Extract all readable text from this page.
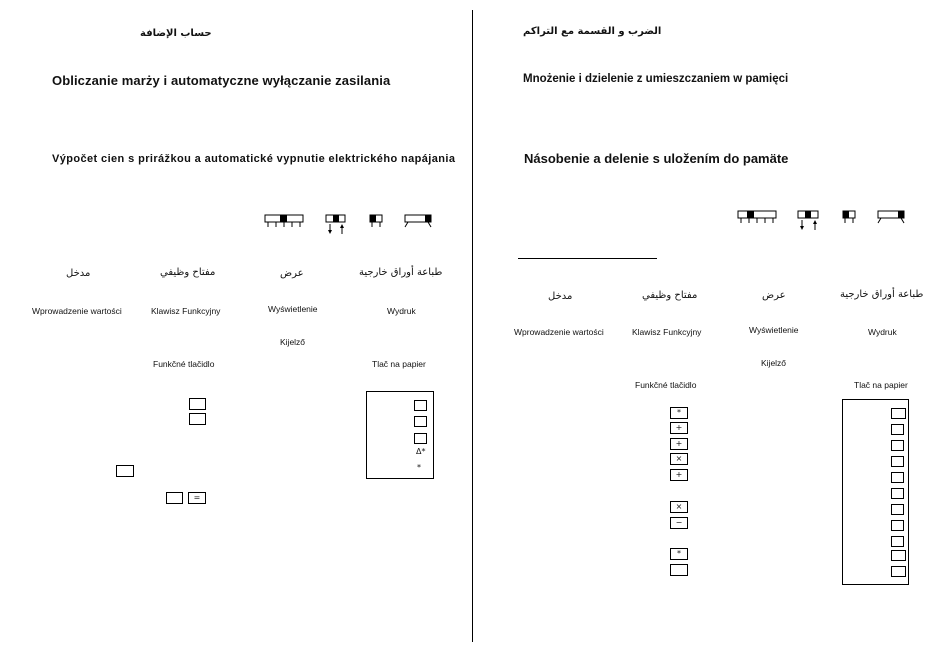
حساب الإضافة
Obliczanie marży i automatyczne wyłączanie zasilania
Výpočet cien s prirážkou a automatické vypnutie elektrického napájania
مدخل	مفتاح وظيفي	عرض	طباعة أوراق خارجية
Wprowadzenie wartości	Klawisz Funkcyjny	Wyświetlenie	Wydruk
Kijelző
Funkčné tlačidlo	Tlač na papier
=
Δ*
*
الضرب و القسمة مع التراكم
Mnożenie i dzielenie z umieszczaniem w pamięci
Násobenie a delenie s uložením do pamäte
مدخل	مفتاح وظيفي	عرض	طباعة أوراق خارجية
Wprowadzenie wartości	Klawisz Funkcyjny	Wyświetlenie	Wydruk
Kijelző
Funkčné tlačidlo	Tlač na papier
*
+
+
×
+
×
−
*
